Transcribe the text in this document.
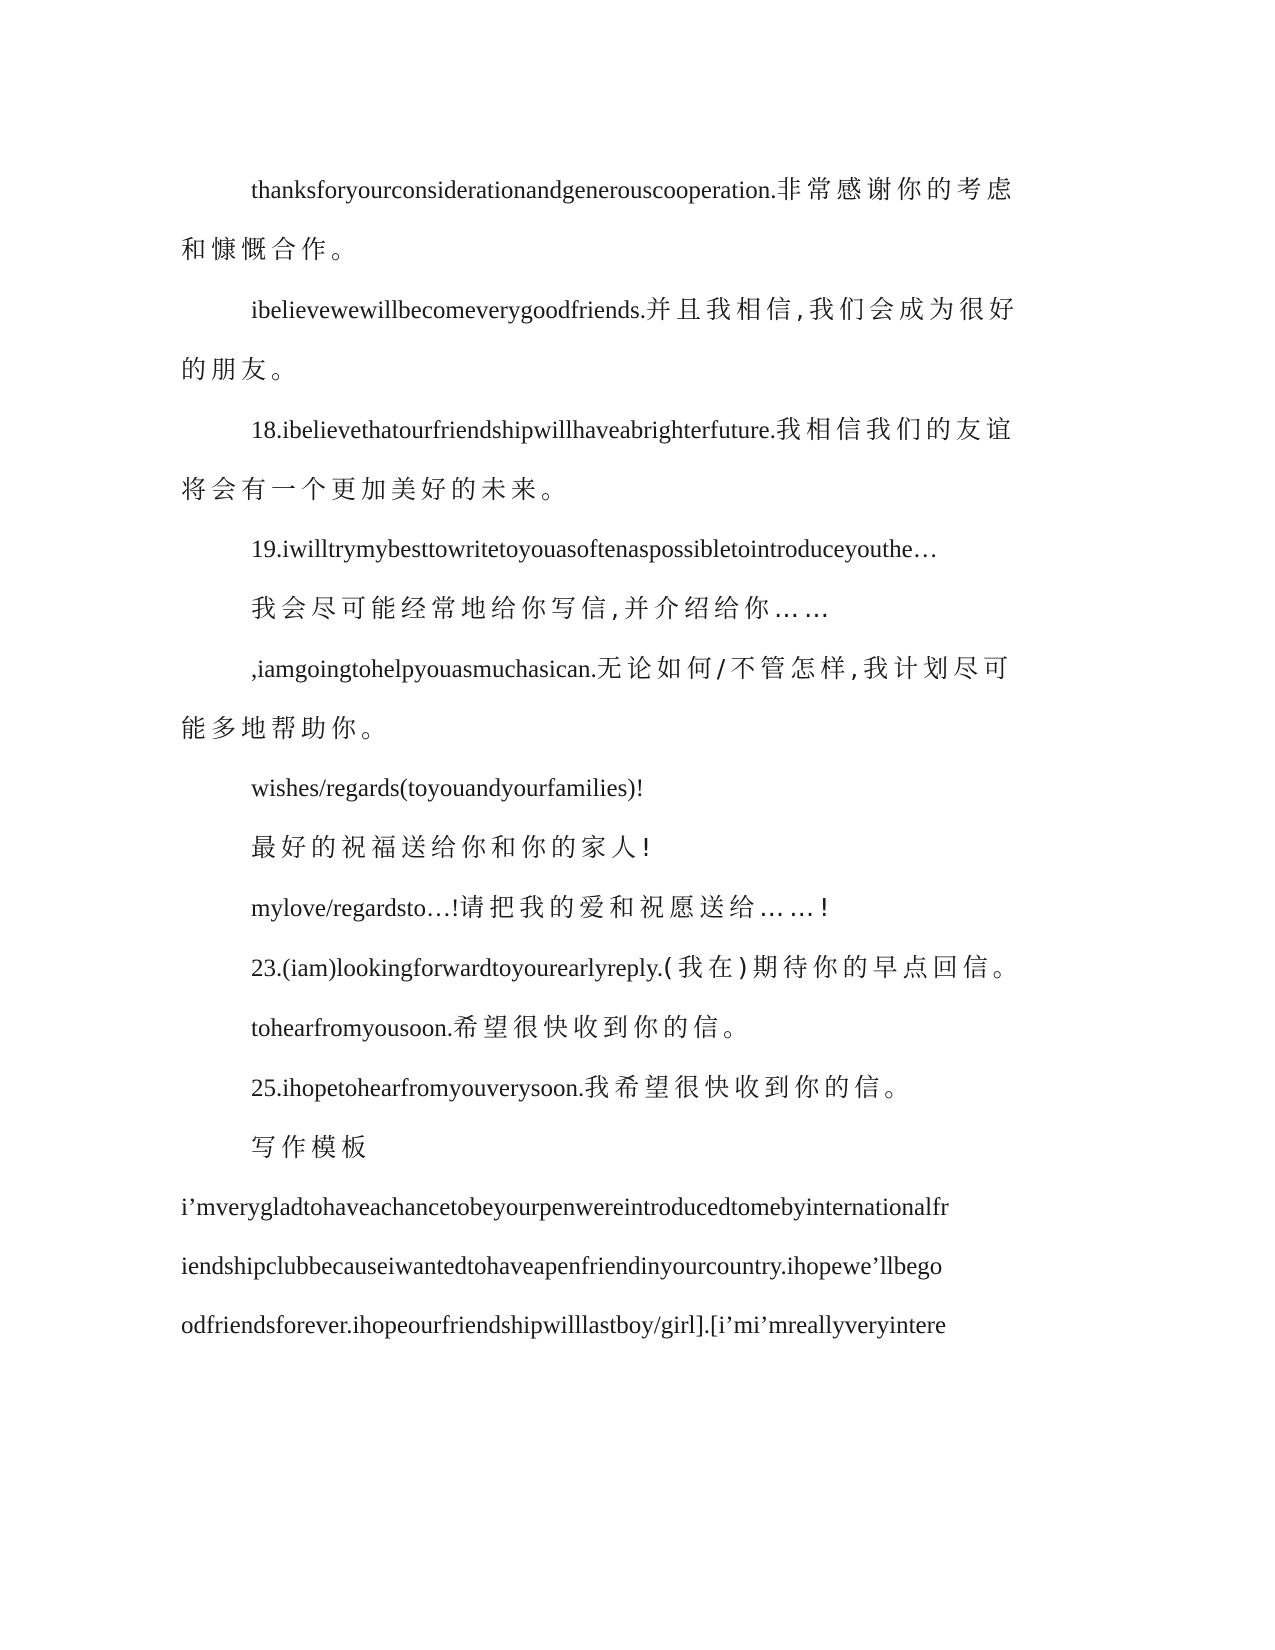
thanksforyourconsiderationandgenerouscooperation.非常感谢你的考虑和慷慨合作。

ibelievewewillbecomeverygoodfriends.并且我相信,我们会成为很好的朋友。

18.ibelievethatourfriendshipwillhaveabrighterfuture.我相信我们的友谊将会有一个更加美好的未来。

19.iwilltrymybesttowritetoyouasoftenaspossibletointroduceyouthe…

我会尽可能经常地给你写信,并介绍给你……

,iamgoingtohelpyouasmuchasican.无论如何/不管怎样,我计划尽可能多地帮助你。

wishes/regards(toyouandyourfamilies)!

最好的祝福送给你和你的家人!

mylove/regardsto…!请把我的爱和祝愿送给……!

23.(iam)lookingforwardtoyourearlyreply.(我在)期待你的早点回信。

tohearfromyousoon.希望很快收到你的信。

25.ihopetohearfromyouverysoon.我希望很快收到你的信。

写作模板

i’mverygladtohaveachancetobeyourpenwereintroducedtomebyinternationalfr
iendshipclubbecauseiwantedtohaveapenfriendinyourcountry.ihopewe’llbego
odfriendsforever.ihopeourfriendshipwilllastboy/girl].[i’mi’mreallyveryintere
